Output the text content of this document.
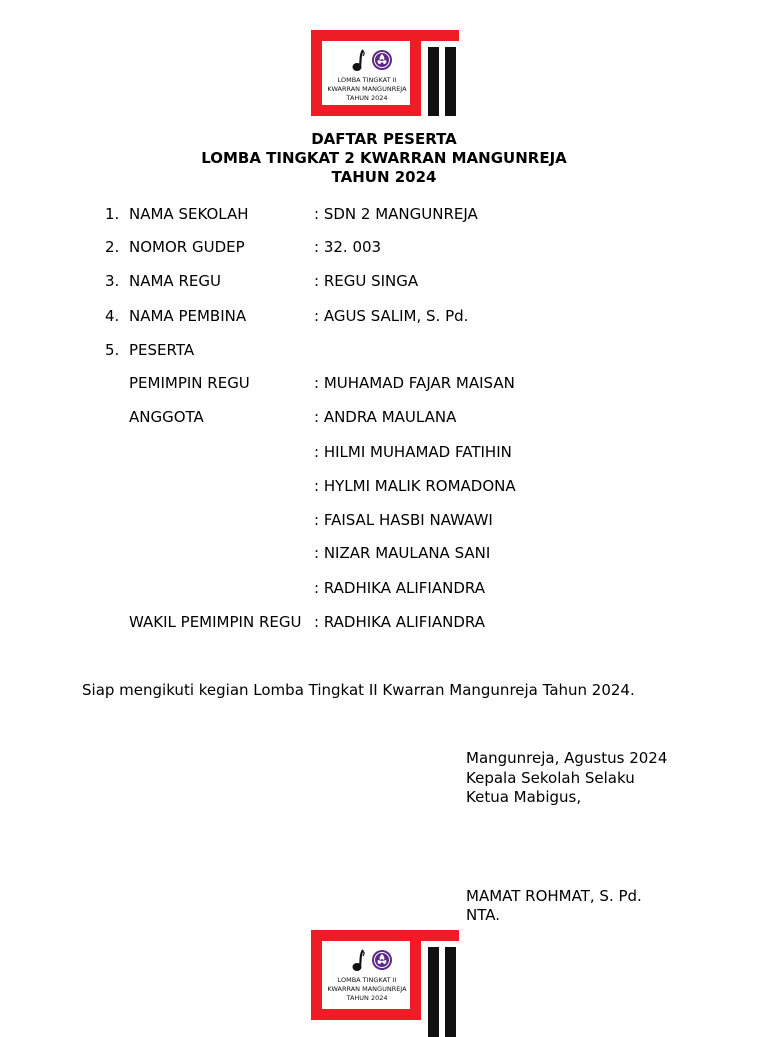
LOMBA TINGKAT II
KWARRAN MANGUNREJA
TAHUN 2024
DAFTAR PESERTA
LOMBA TINGKAT 2 KWARRAN MANGUNREJA
TAHUN 2024
1. NAMA SEKOLAH	: SDN 2 MANGUNREJA
2. NOMOR GUDEP	: 32. 003
3. NAMA REGU	: REGU SINGA
4. NAMA PEMBINA	: AGUS SALIM, S. Pd.
5. PESERTA
PEMIMPIN REGU	: MUHAMAD FAJAR MAISAN
ANGGOTA	: ANDRA MAULANA
: HILMI MUHAMAD FATIHIN
: HYLMI MALIK ROMADONA
: FAISAL HASBI NAWAWI
: NIZAR MAULANA SANI
: RADHIKA ALIFIANDRA
WAKIL PEMIMPIN REGU : RADHIKA ALIFIANDRA
Siap mengikuti kegian Lomba Tingkat II Kwarran Mangunreja Tahun 2024.
Mangunreja, Agustus 2024
Kepala Sekolah Selaku
Ketua Mabigus,
MAMAT ROHMAT, S. Pd.
NTA.
LOMBA TINGKAT II
KWARRAN MANGUNREJA
TAHUN 2024
